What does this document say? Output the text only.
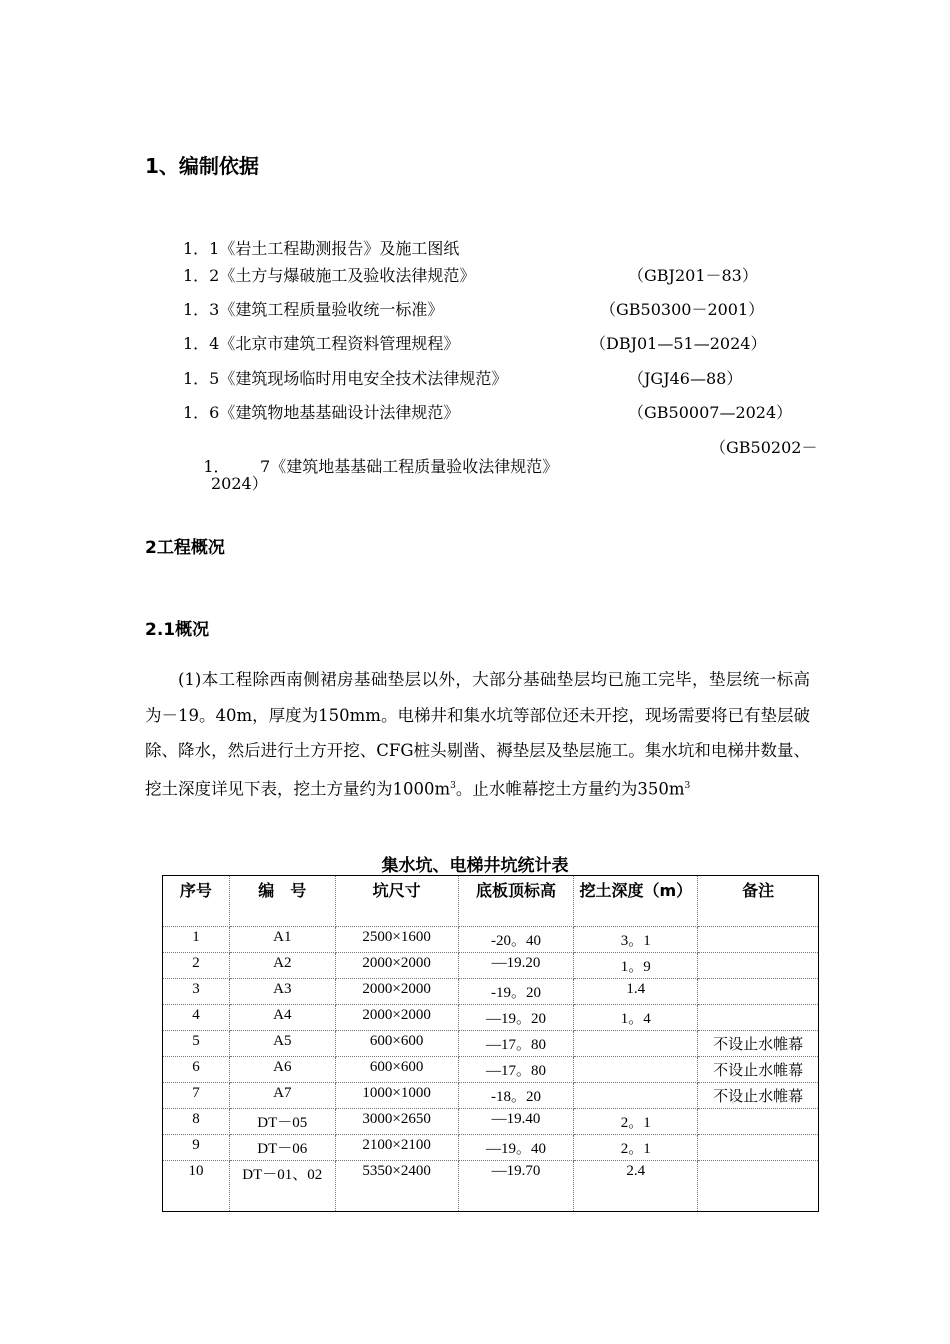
1、编制依据
1．1《岩土工程勘测报告》及施工图纸
1．2《土方与爆破施工及验收法律规范》	（GBJ201－83）
1．3《建筑工程质量验收统一标准》	（GB50300－2001）
1．4《北京市建筑工程资料管理规程》	（DBJ01—51—2024）
1．5《建筑现场临时用电安全技术法律规范》	（JGJ46—88）
1．6《建筑物地基基础设计法律规范》	（GB50007—2024）

1．      7《建筑地基基础工程质量验收法律规范》

（GB50202－

2024）
2工程概况
2.1概况
(1)本工程除西南侧裙房基础垫层以外，大部分基础垫层均已施工完毕，垫层统一标高为－19。40m，厚度为150mm。电梯井和集水坑等部位还未开挖，现场需要将已有垫层破除、降水，然后进行土方开挖、CFG桩头剔凿、褥垫层及垫层施工。集水坑和电梯井数量、挖土深度详见下表，挖土方量约为$1000m^3$。止水帷幕挖土方量约为$350m^3$
集水坑、电梯井坑统计表
序号	编　号	坑尺寸	底板顶标高	挖土深度（m）	备注
1	A1	2500×1600	-20。40	3。1	
2	A2	2000×2000	—19.20	1。9	
3	A3	2000×2000	-19。20	1.4	
4	A4	2000×2000	—19。20	1。4	
5	A5	600×600	—17。80		不设止水帷幕
6	A6	600×600	—17。80		不设止水帷幕
7	A7	1000×1000	-18。20		不设止水帷幕
8	DT－05	3000×2650	—19.40	2。1	
9	DT－06	2100×2100	—19。40	2。1	
10	DT－01、02	5350×2400	—19.70	2.4	
